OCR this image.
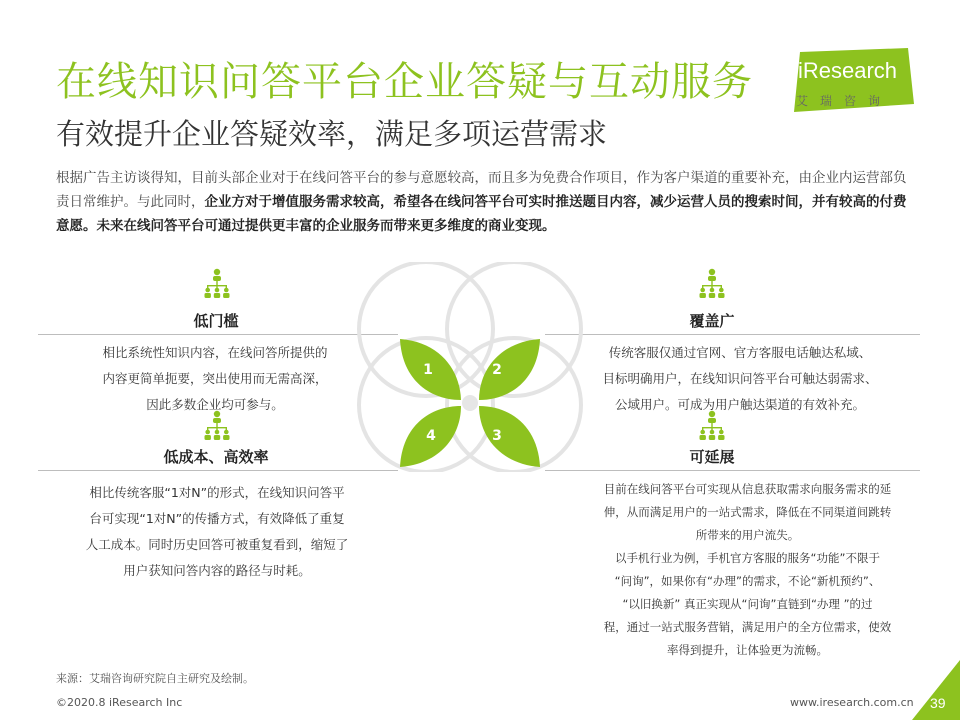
在线知识问答平台企业答疑与互动服务
有效提升企业答疑效率，满足多项运营需求
iResearch
艾瑞咨询
根据广告主访谈得知，目前头部企业对于在线问答平台的参与意愿较高，而且多为免费合作项目，作为客户渠道的重要补充，由企业内运营部负责日常维护。与此同时，企业方对于增值服务需求较高，希望各在线问答平台可实时推送题目内容，减少运营人员的搜索时间，并有较高的付费意愿。未来在线问答平台可通过提供更丰富的企业服务而带来更多维度的商业变现。
低门槛	覆盖广
低成本、高效率	可延展
相比系统性知识内容，在线问答所提供的
内容更简单扼要，突出使用而无需高深，
因此多数企业均可参与。
传统客服仅通过官网、官方客服电话触达私域、
目标明确用户，在线知识问答平台可触达弱需求、
公域用户。可成为用户触达渠道的有效补充。
相比传统客服“1对N”的形式，在线知识问答平
台可实现“1对N”的传播方式，有效降低了重复
人工成本。同时历史回答可被重复看到，缩短了
用户获知问答内容的路径与时耗。
目前在线问答平台可实现从信息获取需求向服务需求的延
伸，从而满足用户的一站式需求，降低在不同渠道间跳转
所带来的用户流失。
以手机行业为例，手机官方客服的服务“功能”不限于
“问询”，如果你有“办理”的需求，不论“新机预约”、
“以旧换新” 真正实现从“问询”直链到“办理 ”的过
程，通过一站式服务营销，满足用户的全方位需求，使效
率得到提升，让体验更为流畅。
1	2
3
4
来源：艾瑞咨询研究院自主研究及绘制。
©2020.8 iResearch Inc	www.iresearch.com.cn 39
